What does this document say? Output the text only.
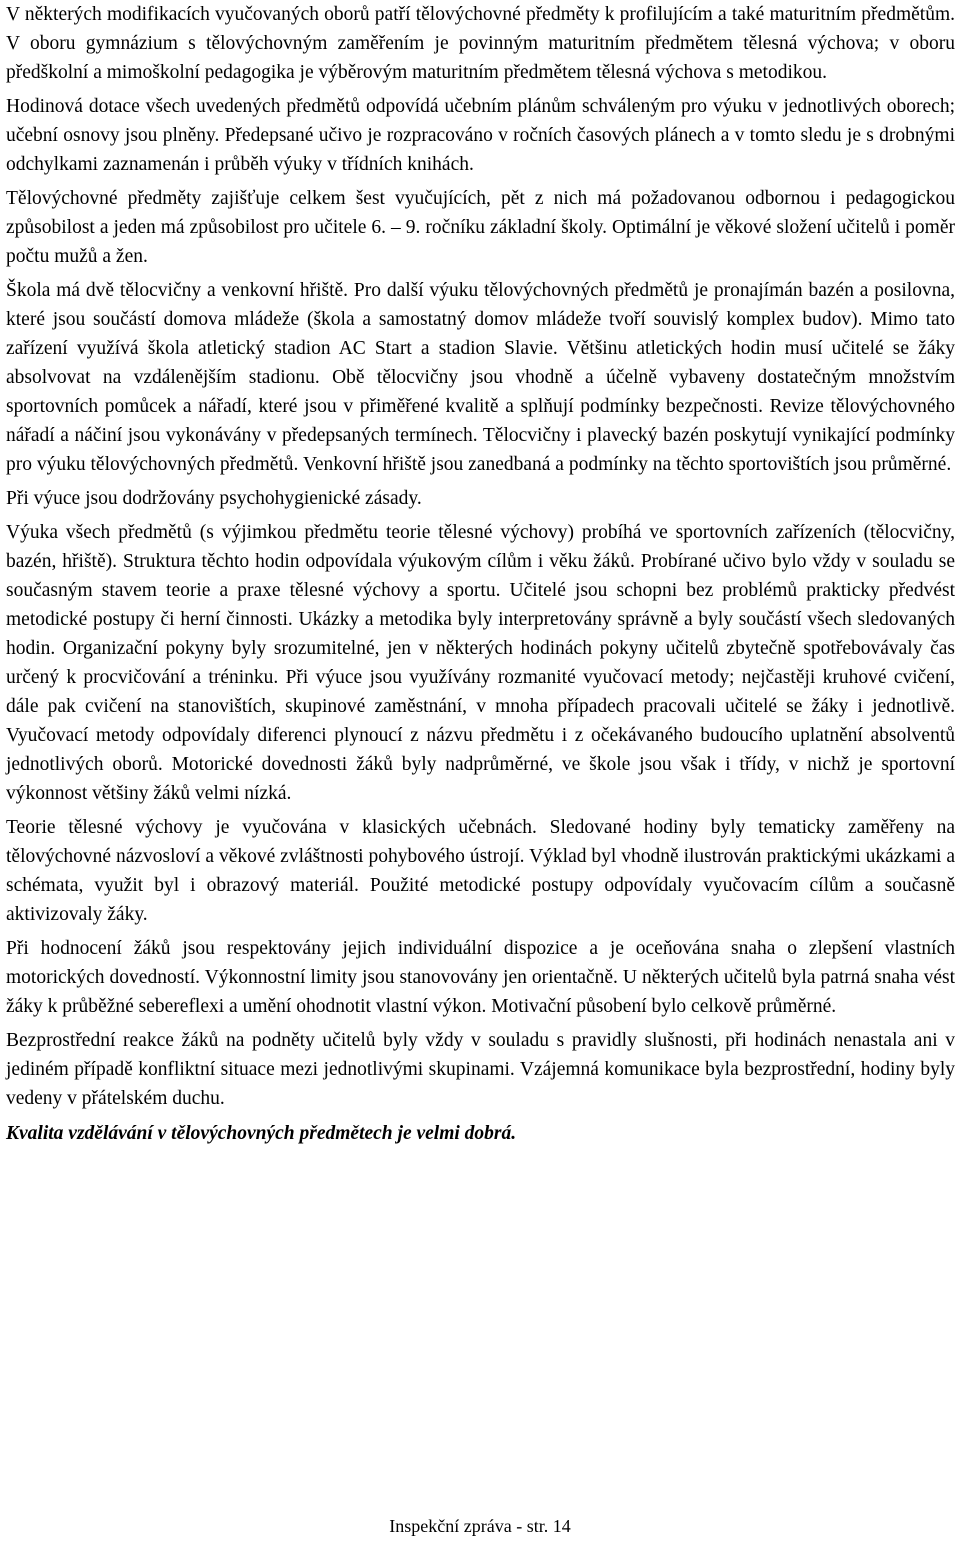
V některých modifikacích vyučovaných oborů patří tělovýchovné předměty k profilujícím a také maturitním předmětům. V oboru gymnázium s tělovýchovným zaměřením je povinným maturitním předmětem tělesná výchova; v oboru předškolní a mimoškolní pedagogika je výběrovým maturitním předmětem tělesná výchova s metodikou.

Hodinová dotace všech uvedených předmětů odpovídá učebním plánům schváleným pro výuku v jednotlivých oborech; učební osnovy jsou plněny. Předepsané učivo je rozpracováno v ročních časových plánech a v tomto sledu je s drobnými odchylkami zaznamenán i průběh výuky v třídních knihách.

Tělovýchovné předměty zajišťuje celkem šest vyučujících, pět z nich má požadovanou odbornou i pedagogickou způsobilost a jeden má způsobilost pro učitele 6. – 9. ročníku základní školy. Optimální je věkové složení učitelů i poměr počtu mužů a žen.

Škola má dvě tělocvičny a venkovní hřiště. Pro další výuku tělovýchovných předmětů je pronajímán bazén a posilovna, které jsou součástí domova mládeže (škola a samostatný domov mládeže tvoří souvislý komplex budov). Mimo tato zařízení využívá škola atletický stadion AC Start a stadion Slavie. Většinu atletických hodin musí učitelé se žáky absolvovat na vzdálenějším stadionu. Obě tělocvičny jsou vhodně a účelně vybaveny dostatečným množstvím sportovních pomůcek a nářadí, které jsou v přiměřené kvalitě a splňují podmínky bezpečnosti. Revize tělovýchovného nářadí a náčiní jsou vykonávány v předepsaných termínech. Tělocvičny i plavecký bazén poskytují vynikající podmínky pro výuku tělovýchovných předmětů. Venkovní hřiště jsou zanedbaná a podmínky na těchto sportovištích jsou průměrné.

Při výuce jsou dodržovány psychohygienické zásady.

Výuka všech předmětů (s výjimkou předmětu teorie tělesné výchovy) probíhá ve sportovních zařízeních (tělocvičny, bazén, hřiště). Struktura těchto hodin odpovídala výukovým cílům i věku žáků. Probírané učivo bylo vždy v souladu se současným stavem teorie a praxe tělesné výchovy a sportu. Učitelé jsou schopni bez problémů prakticky předvést metodické postupy či herní činnosti. Ukázky a metodika byly interpretovány správně a byly součástí všech sledovaných hodin. Organizační pokyny byly srozumitelné, jen v některých hodinách pokyny učitelů zbytečně spotřebovávaly čas určený k procvičování a tréninku. Při výuce jsou využívány rozmanité vyučovací metody; nejčastěji kruhové cvičení, dále pak cvičení na stanovištích, skupinové zaměstnání, v mnoha případech pracovali učitelé se žáky i jednotlivě. Vyučovací metody odpovídaly diferenci plynoucí z názvu předmětu i z očekávaného budoucího uplatnění absolventů jednotlivých oborů. Motorické dovednosti žáků byly nadprůměrné, ve škole jsou však i třídy, v nichž je sportovní výkonnost většiny žáků velmi nízká.

Teorie tělesné výchovy je vyučována v klasických učebnách. Sledované hodiny byly tematicky zaměřeny na tělovýchovné názvosloví a věkové zvláštnosti pohybového ústrojí. Výklad byl vhodně ilustrován praktickými ukázkami a schémata, využit byl i obrazový materiál. Použité metodické postupy odpovídaly vyučovacím cílům a současně aktivizovaly žáky.

Při hodnocení žáků jsou respektovány jejich individuální dispozice a je oceňována snaha o zlepšení vlastních motorických dovedností. Výkonnostní limity jsou stanovovány jen orientačně. U některých učitelů byla patrná snaha vést žáky k průběžné sebereflexi a umění ohodnotit vlastní výkon. Motivační působení bylo celkově průměrné.

Bezprostřední reakce žáků na podněty učitelů byly vždy v souladu s pravidly slušnosti, při hodinách nenastala ani v jediném případě konfliktní situace mezi jednotlivými skupinami. Vzájemná komunikace byla bezprostřední, hodiny byly vedeny v přátelském duchu.

Kvalita vzdělávání v tělovýchovných předmětech je velmi dobrá.

Inspekční zpráva - str. 14
